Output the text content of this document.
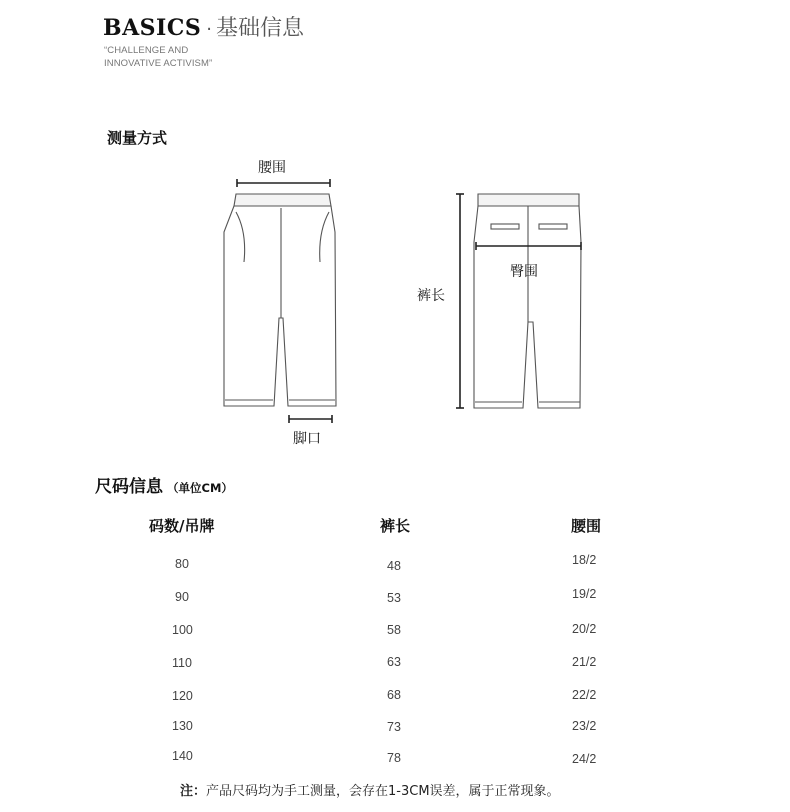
BASICS · 基础信息
“CHALLENGE AND
INNOVATIVE ACTIVISM”
测量方式
腰围
脚口
裤长
臀围
尺码信息 （单位CM）
码数/吊牌	裤长	腰围
80	48	18/2
90	53	19/2
100	58	20/2
110	63	21/2
120	68	22/2
130	73	23/2
140	78	24/2
注：产品尺码均为手工测量，会存在1-3CM误差，属于正常现象。
